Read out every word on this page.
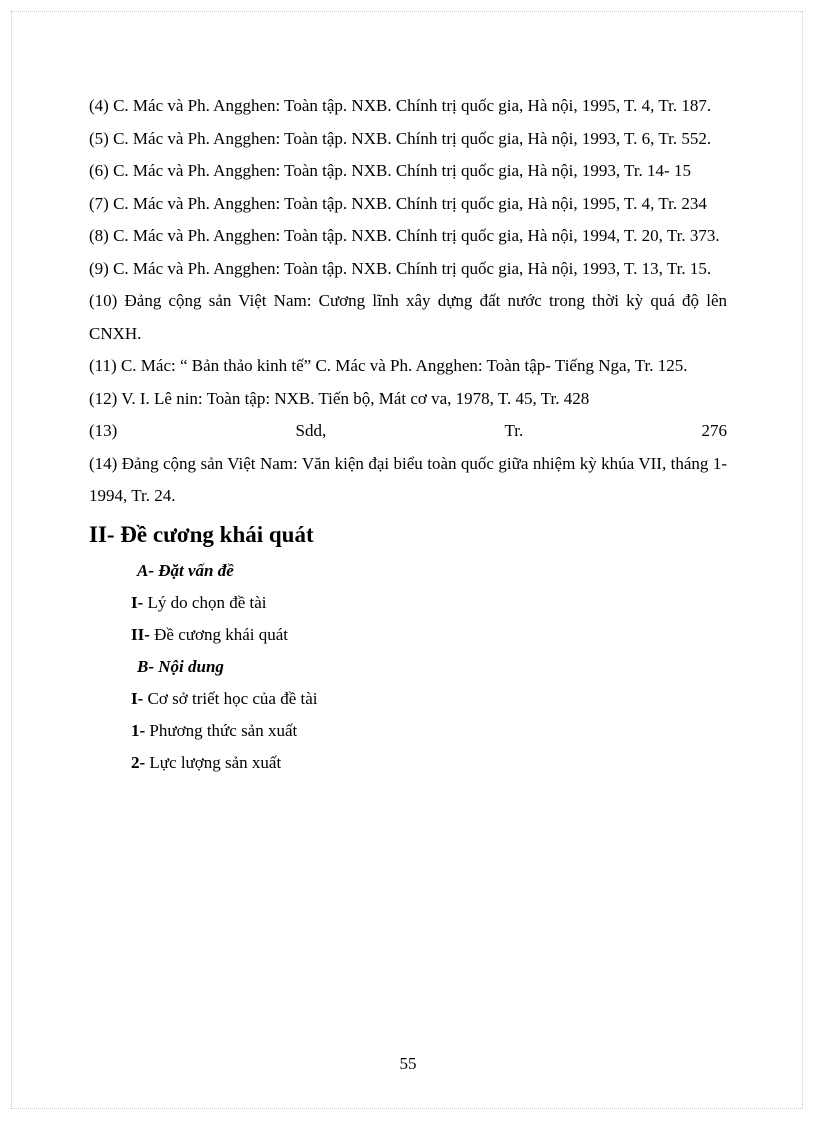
(4) C. Mác và Ph. Angghen: Toàn tập. NXB. Chính trị quốc gia, Hà nội, 1995, T. 4, Tr. 187.

(5) C. Mác và Ph. Angghen: Toàn tập. NXB. Chính trị quốc gia, Hà nội, 1993, T. 6, Tr. 552.

(6) C. Mác và Ph. Angghen: Toàn tập. NXB. Chính trị quốc gia, Hà nội, 1993, Tr. 14- 15

(7) C. Mác và Ph. Angghen: Toàn tập. NXB. Chính trị quốc gia, Hà nội, 1995, T. 4, Tr. 234

(8) C. Mác và Ph. Angghen: Toàn tập. NXB. Chính trị quốc gia, Hà nội, 1994, T. 20, Tr. 373.

(9) C. Mác và Ph. Angghen: Toàn tập. NXB. Chính trị quốc gia, Hà nội, 1993, T. 13, Tr. 15.

(10) Đảng cộng sản Việt Nam: Cương lĩnh xây dựng đất nước trong thời kỳ quá độ lên CNXH.

(11) C. Mác: “ Bản thảo kinh tế” C. Mác và Ph. Angghen: Toàn tập- Tiếng Nga, Tr. 125.

(12) V. I. Lê nin: Toàn tập: NXB. Tiến bộ, Mát cơ va, 1978, T. 45, Tr. 428

(13)	Sdd,	Tr.	276

(14) Đảng cộng sản Việt Nam: Văn kiện đại biểu toàn quốc giữa nhiệm kỳ khúa VII, tháng 1- 1994, Tr. 24.

II- Đề cương khái quát

A- Đặt vấn đề

I- Lý do chọn đề tài

II- Đề cương khái quát

B- Nội dung

I- Cơ sở triết học của đề tài

1- Phương thức sản xuất

2- Lực lượng sản xuất

55
